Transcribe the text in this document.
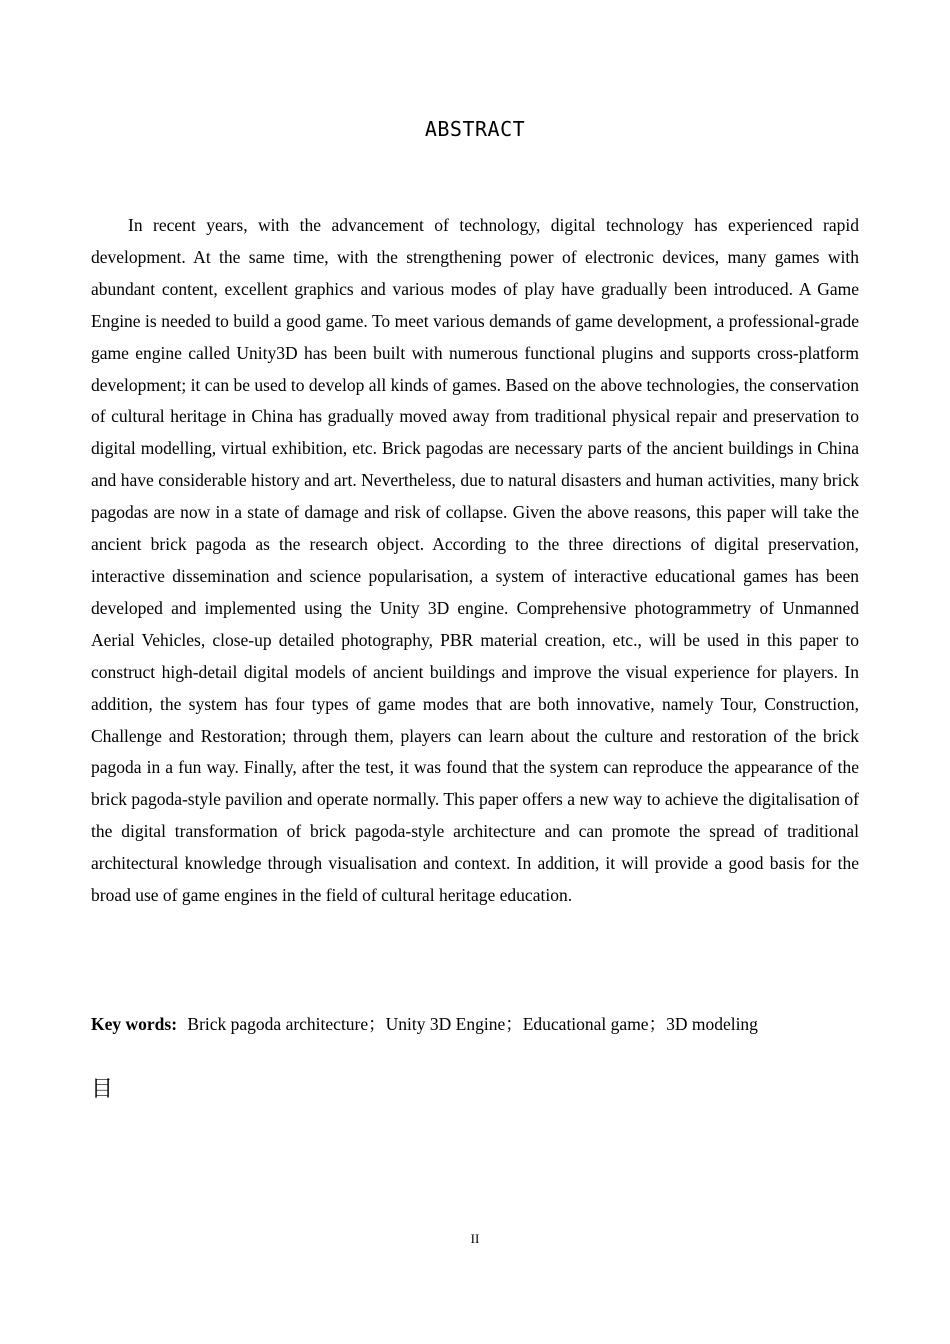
ABSTRACT

In recent years, with the advancement of technology, digital technology has experienced rapid development. At the same time, with the strengthening power of electronic devices, many games with abundant content, excellent graphics and various modes of play have gradually been introduced. A Game Engine is needed to build a good game. To meet various demands of game development, a professional-grade game engine called Unity3D has been built with numerous functional plugins and supports cross-platform development; it can be used to develop all kinds of games. Based on the above technologies, the conservation of cultural heritage in China has gradually moved away from traditional physical repair and preservation to digital modelling, virtual exhibition, etc. Brick pagodas are necessary parts of the ancient buildings in China and have considerable history and art. Nevertheless, due to natural disasters and human activities, many brick pagodas are now in a state of damage and risk of collapse. Given the above reasons, this paper will take the ancient brick pagoda as the research object. According to the three directions of digital preservation, interactive dissemination and science popularisation, a system of interactive educational games has been developed and implemented using the Unity 3D engine. Comprehensive photogrammetry of Unmanned Aerial Vehicles, close-up detailed photography, PBR material creation, etc., will be used in this paper to construct high-detail digital models of ancient buildings and improve the visual experience for players. In addition, the system has four types of game modes that are both innovative, namely Tour, Construction, Challenge and Restoration; through them, players can learn about the culture and restoration of the brick pagoda in a fun way. Finally, after the test, it was found that the system can reproduce the appearance of the brick pagoda-style pavilion and operate normally. This paper offers a new way to achieve the digitalisation of the digital transformation of brick pagoda-style architecture and can promote the spread of traditional architectural knowledge through visualisation and context. In addition, it will provide a good basis for the broad use of game engines in the field of cultural heritage education.

Key words: Brick pagoda architecture；Unity 3D Engine；Educational game；3D modeling

目

II
